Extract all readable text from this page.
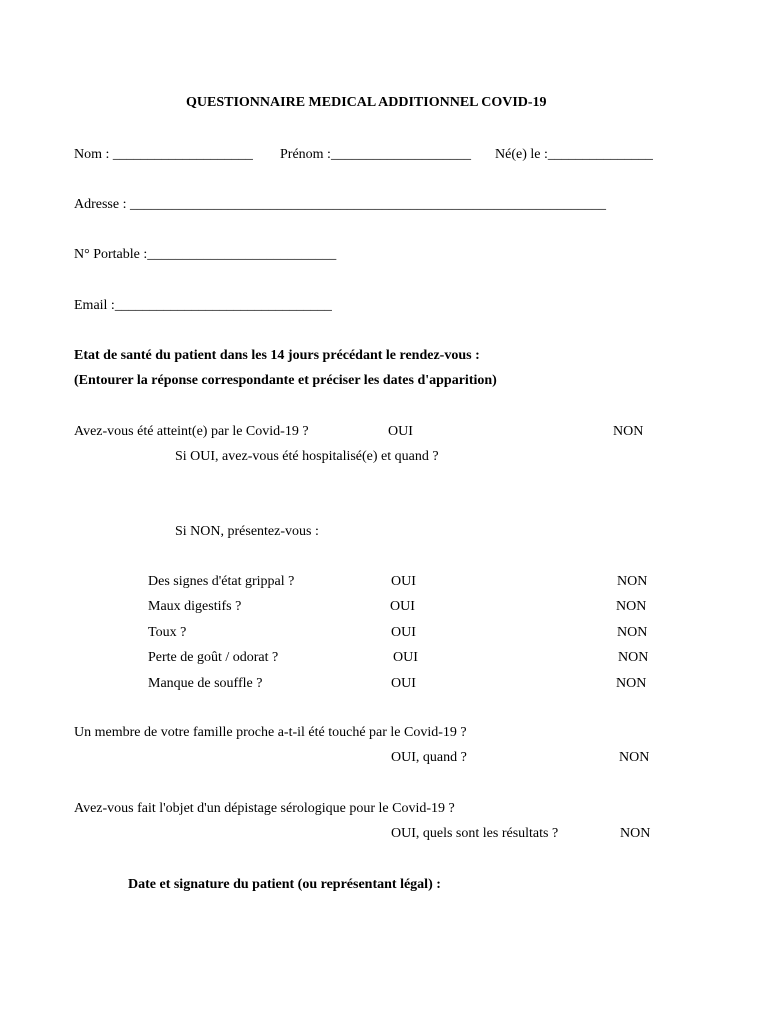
QUESTIONNAIRE MEDICAL ADDITIONNEL COVID-19
Nom : ____________________ Prénom :____________________ Né(e) le :_______________
Adresse : ____________________________________________________________________
N° Portable :___________________________
Email :_______________________________
Etat de santé du patient dans les 14 jours précédant le rendez-vous :
(Entourer la réponse correspondante et préciser les dates d'apparition)
Avez-vous été atteint(e) par le Covid-19 ?	OUI	NON
Si OUI, avez-vous été hospitalisé(e) et quand ?
Si NON, présentez-vous :
Des signes d'état grippal ?	OUI	NON
Maux digestifs ?	OUI	NON
Toux ?	OUI	NON
Perte de goût / odorat ?	OUI	NON
Manque de souffle ?	OUI	NON
Un membre de votre famille proche a-t-il été touché par le Covid-19 ?
OUI, quand ?	NON
Avez-vous fait l'objet d'un dépistage sérologique pour le Covid-19 ?
OUI, quels sont les résultats ?	NON
Date et signature du patient (ou représentant légal) :
